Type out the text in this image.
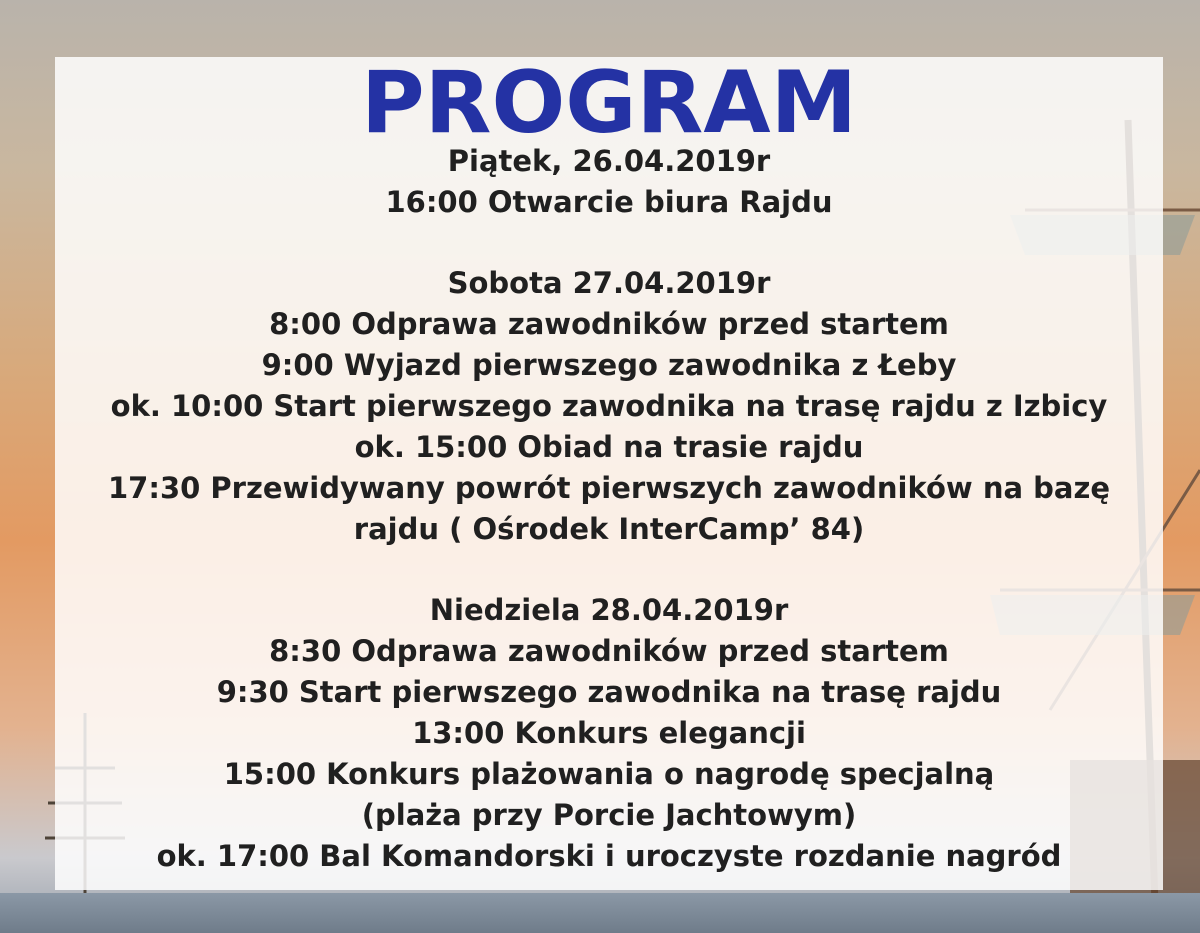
PROGRAM
Piątek, 26.04.2019r
16:00 Otwarcie biura Rajdu
Sobota 27.04.2019r
8:00 Odprawa zawodników przed startem
9:00 Wyjazd pierwszego zawodnika z Łeby
ok. 10:00 Start pierwszego zawodnika na trasę rajdu z Izbicy
ok. 15:00 Obiad na trasie rajdu
17:30 Przewidywany powrót pierwszych zawodników na bazę
rajdu ( Ośrodek InterCamp’ 84)
Niedziela 28.04.2019r
8:30 Odprawa zawodników przed startem
9:30 Start pierwszego zawodnika na trasę rajdu
13:00 Konkurs elegancji
15:00 Konkurs plażowania o nagrodę specjalną
(plaża przy Porcie Jachtowym)
ok. 17:00 Bal Komandorski i uroczyste rozdanie nagród
